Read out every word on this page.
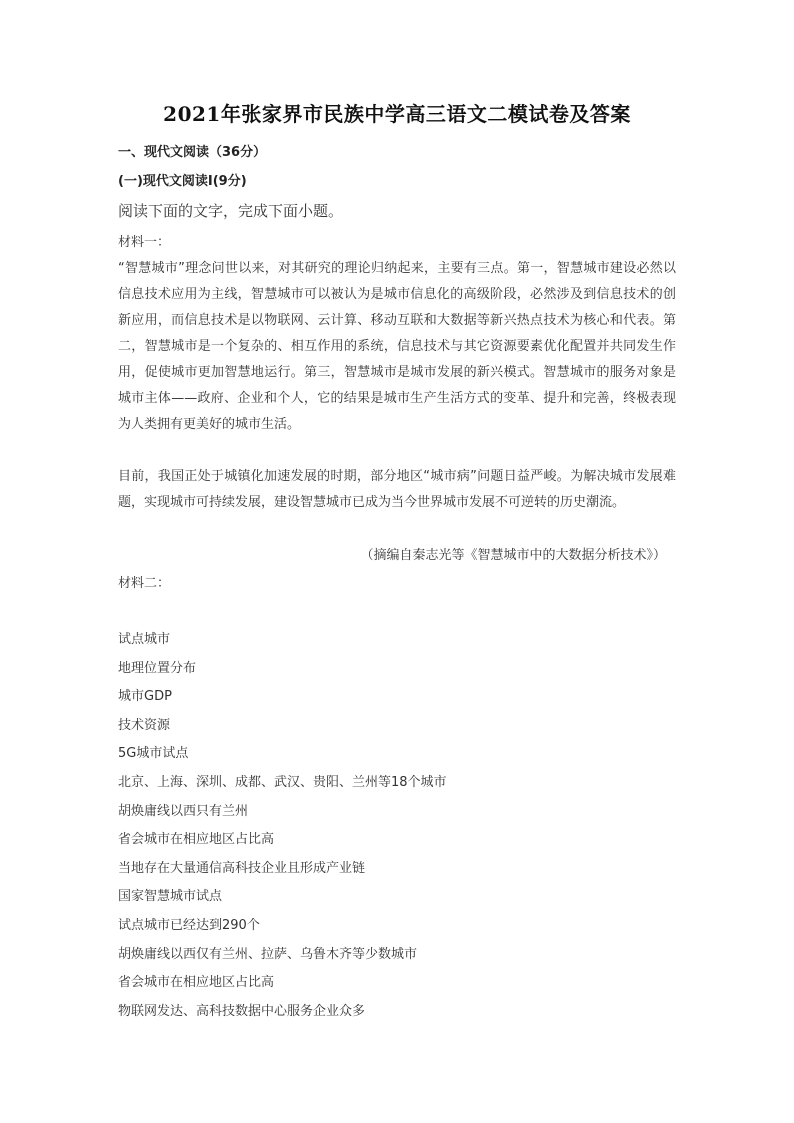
2021年张家界市民族中学高三语文二模试卷及答案
一、现代文阅读（36分）
(一)现代文阅读I(9分)
阅读下面的文字，完成下面小题。
材料一：

“智慧城市”理念问世以来，对其研究的理论归纳起来，主要有三点。第一，智慧城市建设必然以信息技术应用为主线，智慧城市可以被认为是城市信息化的高级阶段，必然涉及到信息技术的创新应用，而信息技术是以物联网、云计算、移动互联和大数据等新兴热点技术为核心和代表。第二，智慧城市是一个复杂的、相互作用的系统，信息技术与其它资源要素优化配置并共同发生作用，促使城市更加智慧地运行。第三，智慧城市是城市发展的新兴模式。智慧城市的服务对象是城市主体——政府、企业和个人，它的结果是城市生产生活方式的变革、提升和完善，终极表现为人类拥有更美好的城市生活。

目前，我国正处于城镇化加速发展的时期，部分地区“城市病”问题日益严峻。为解决城市发展难题，实现城市可持续发展，建设智慧城市已成为当今世界城市发展不可逆转的历史潮流。

（摘编自秦志光等《智慧城市中的大数据分析技术》）
材料二：
试点城市
地理位置分布
城市GDP
技术资源
5G城市试点
北京、上海、深圳、成都、武汉、贵阳、兰州等18个城市
胡焕庸线以西只有兰州
省会城市在相应地区占比高
当地存在大量通信高科技企业且形成产业链
国家智慧城市试点
试点城市已经达到290个
胡焕庸线以西仅有兰州、拉萨、乌鲁木齐等少数城市
省会城市在相应地区占比高
物联网发达、高科技数据中心服务企业众多
